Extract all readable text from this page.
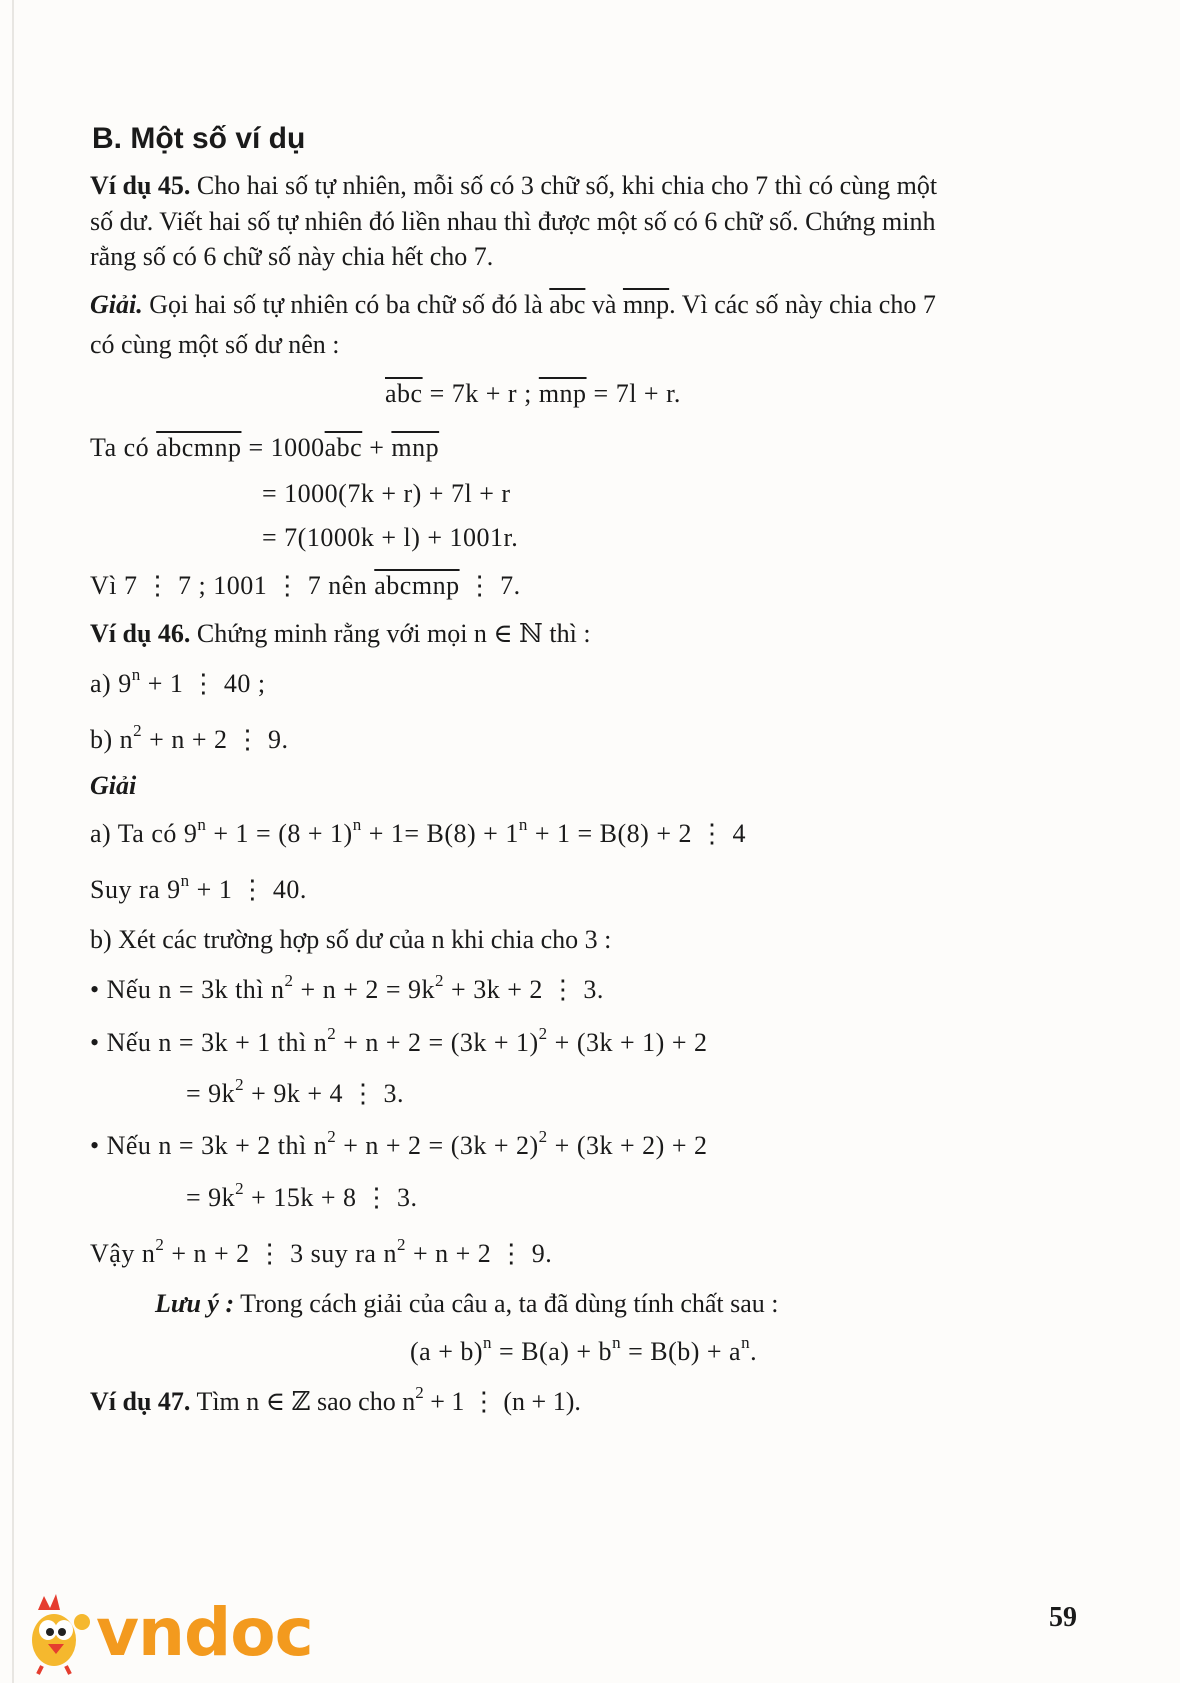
B. Một số ví dụ
Ví dụ 45. Cho hai số tự nhiên, mỗi số có 3 chữ số, khi chia cho 7 thì có cùng một
số dư. Viết hai số tự nhiên đó liền nhau thì được một số có 6 chữ số. Chứng minh
rằng số có 6 chữ số này chia hết cho 7.
Giải. Gọi hai số tự nhiên có ba chữ số đó là $\overline{abc}$ và $\overline{mnp}$. Vì các số này chia cho 7
có cùng một số dư nên :
$\overline{abc} = 7k + r$ ; $\overline{mnp} = 7l + r$.
Ta có abcmnp = $1000\overline{abc} + \overline{mnp}$
= 1000(7k + r) + 7l + r
= 7(1000k + l) + 1001r.
Vì 7 ⋮ 7 ; 1001 ⋮ 7 nên abcmnp ⋮ 7.
Ví dụ 46. Chứng minh rằng với mọi n ∈ ℕ thì :
a) $9^n + 1$ ⋮ 40 ;
b) $n^2 + n + 2$ ⋮ 9.
Giải
a) Ta có $9^n + 1 = (8 + 1)^n + 1= B(8) + 1^n + 1 = B(8) + 2$ ⋮ 4
Suy ra $9^n + 1$ ⋮ 40.
b) Xét các trường hợp số dư của n khi chia cho 3 :
• Nếu n = 3k thì $n^2 + n + 2 = 9k^2 + 3k + 2$ ⋮ 3.
• Nếu n = 3k + 1 thì $n^2 + n + 2 = (3k + 1)^2 + (3k + 1) + 2$
= $9k^2 + 9k + 4$ ⋮ 3.
• Nếu n = 3k + 2 thì $n^2 + n + 2 = (3k + 2)^2 + (3k + 2) + 2$
= $9k^2 + 15k + 8$ ⋮ 3.
Vậy $n^2 + n + 2$ ⋮ 3 suy ra $n^2 + n + 2$ ⋮ 9.
Lưu ý : Trong cách giải của câu a, ta đã dùng tính chất sau :
$(a + b)^n = B(a) + b^n = B(b) + a^n$.
Ví dụ 47. Tìm n ∈ ℤ sao cho $n^2 + 1$ ⋮ (n + 1).
vndoc	59
